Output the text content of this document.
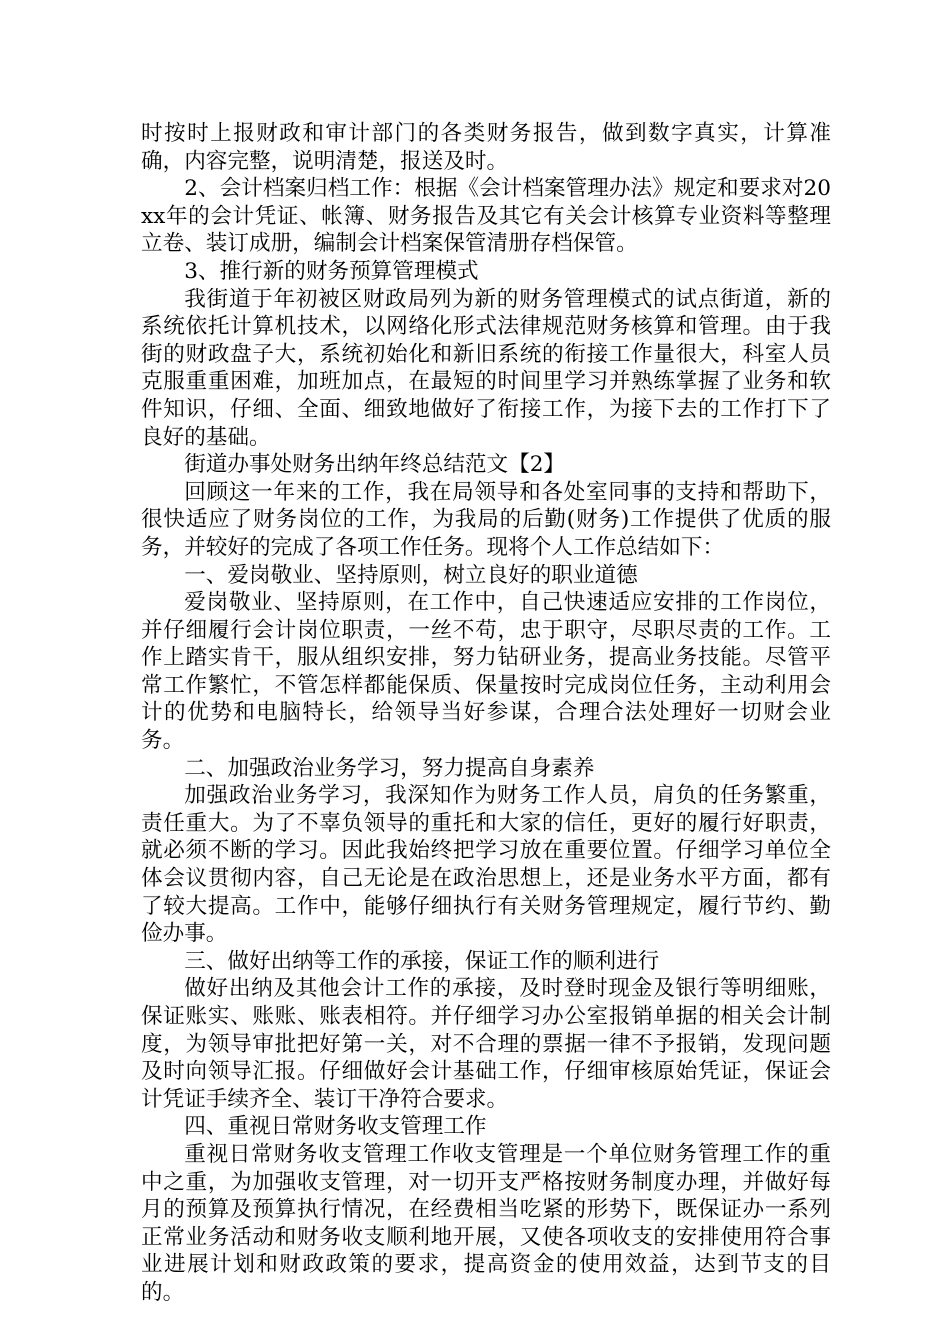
时按时上报财政和审计部门的各类财务报告，做到数字真实，计算准确，内容完整，说明清楚，报送及时。

2、会计档案归档工作：根据《会计档案管理办法》规定和要求对20xx年的会计凭证、帐簿、财务报告及其它有关会计核算专业资料等整理立卷、装订成册，编制会计档案保管清册存档保管。

3、推行新的财务预算管理模式

我街道于年初被区财政局列为新的财务管理模式的试点街道，新的系统依托计算机技术，以网络化形式法律规范财务核算和管理。由于我街的财政盘子大，系统初始化和新旧系统的衔接工作量很大，科室人员克服重重困难，加班加点，在最短的时间里学习并熟练掌握了业务和软件知识，仔细、全面、细致地做好了衔接工作，为接下去的工作打下了良好的基础。

街道办事处财务出纳年终总结范文【2】

回顾这一年来的工作，我在局领导和各处室同事的支持和帮助下，很快适应了财务岗位的工作，为我局的后勤(财务)工作提供了优质的服务，并较好的完成了各项工作任务。现将个人工作总结如下：

一、爱岗敬业、坚持原则，树立良好的职业道德

爱岗敬业、坚持原则，在工作中，自己快速适应安排的工作岗位，并仔细履行会计岗位职责，一丝不苟，忠于职守，尽职尽责的工作。工作上踏实肯干，服从组织安排，努力钻研业务，提高业务技能。尽管平常工作繁忙，不管怎样都能保质、保量按时完成岗位任务，主动利用会计的优势和电脑特长，给领导当好参谋，合理合法处理好一切财会业务。

二、加强政治业务学习，努力提高自身素养

加强政治业务学习，我深知作为财务工作人员，肩负的任务繁重，责任重大。为了不辜负领导的重托和大家的信任，更好的履行好职责，就必须不断的学习。因此我始终把学习放在重要位置。仔细学习单位全体会议贯彻内容，自己无论是在政治思想上，还是业务水平方面，都有了较大提高。工作中，能够仔细执行有关财务管理规定，履行节约、勤俭办事。

三、做好出纳等工作的承接，保证工作的顺利进行

做好出纳及其他会计工作的承接，及时登时现金及银行等明细账，保证账实、账账、账表相符。并仔细学习办公室报销单据的相关会计制度，为领导审批把好第一关，对不合理的票据一律不予报销，发现问题及时向领导汇报。仔细做好会计基础工作，仔细审核原始凭证，保证会计凭证手续齐全、装订干净符合要求。

四、重视日常财务收支管理工作

重视日常财务收支管理工作收支管理是一个单位财务管理工作的重中之重，为加强收支管理，对一切开支严格按财务制度办理，并做好每月的预算及预算执行情况，在经费相当吃紧的形势下，既保证办一系列正常业务活动和财务收支顺利地开展，又使各项收支的安排使用符合事业进展计划和财政政策的要求，提高资金的使用效益，达到节支的目的。
